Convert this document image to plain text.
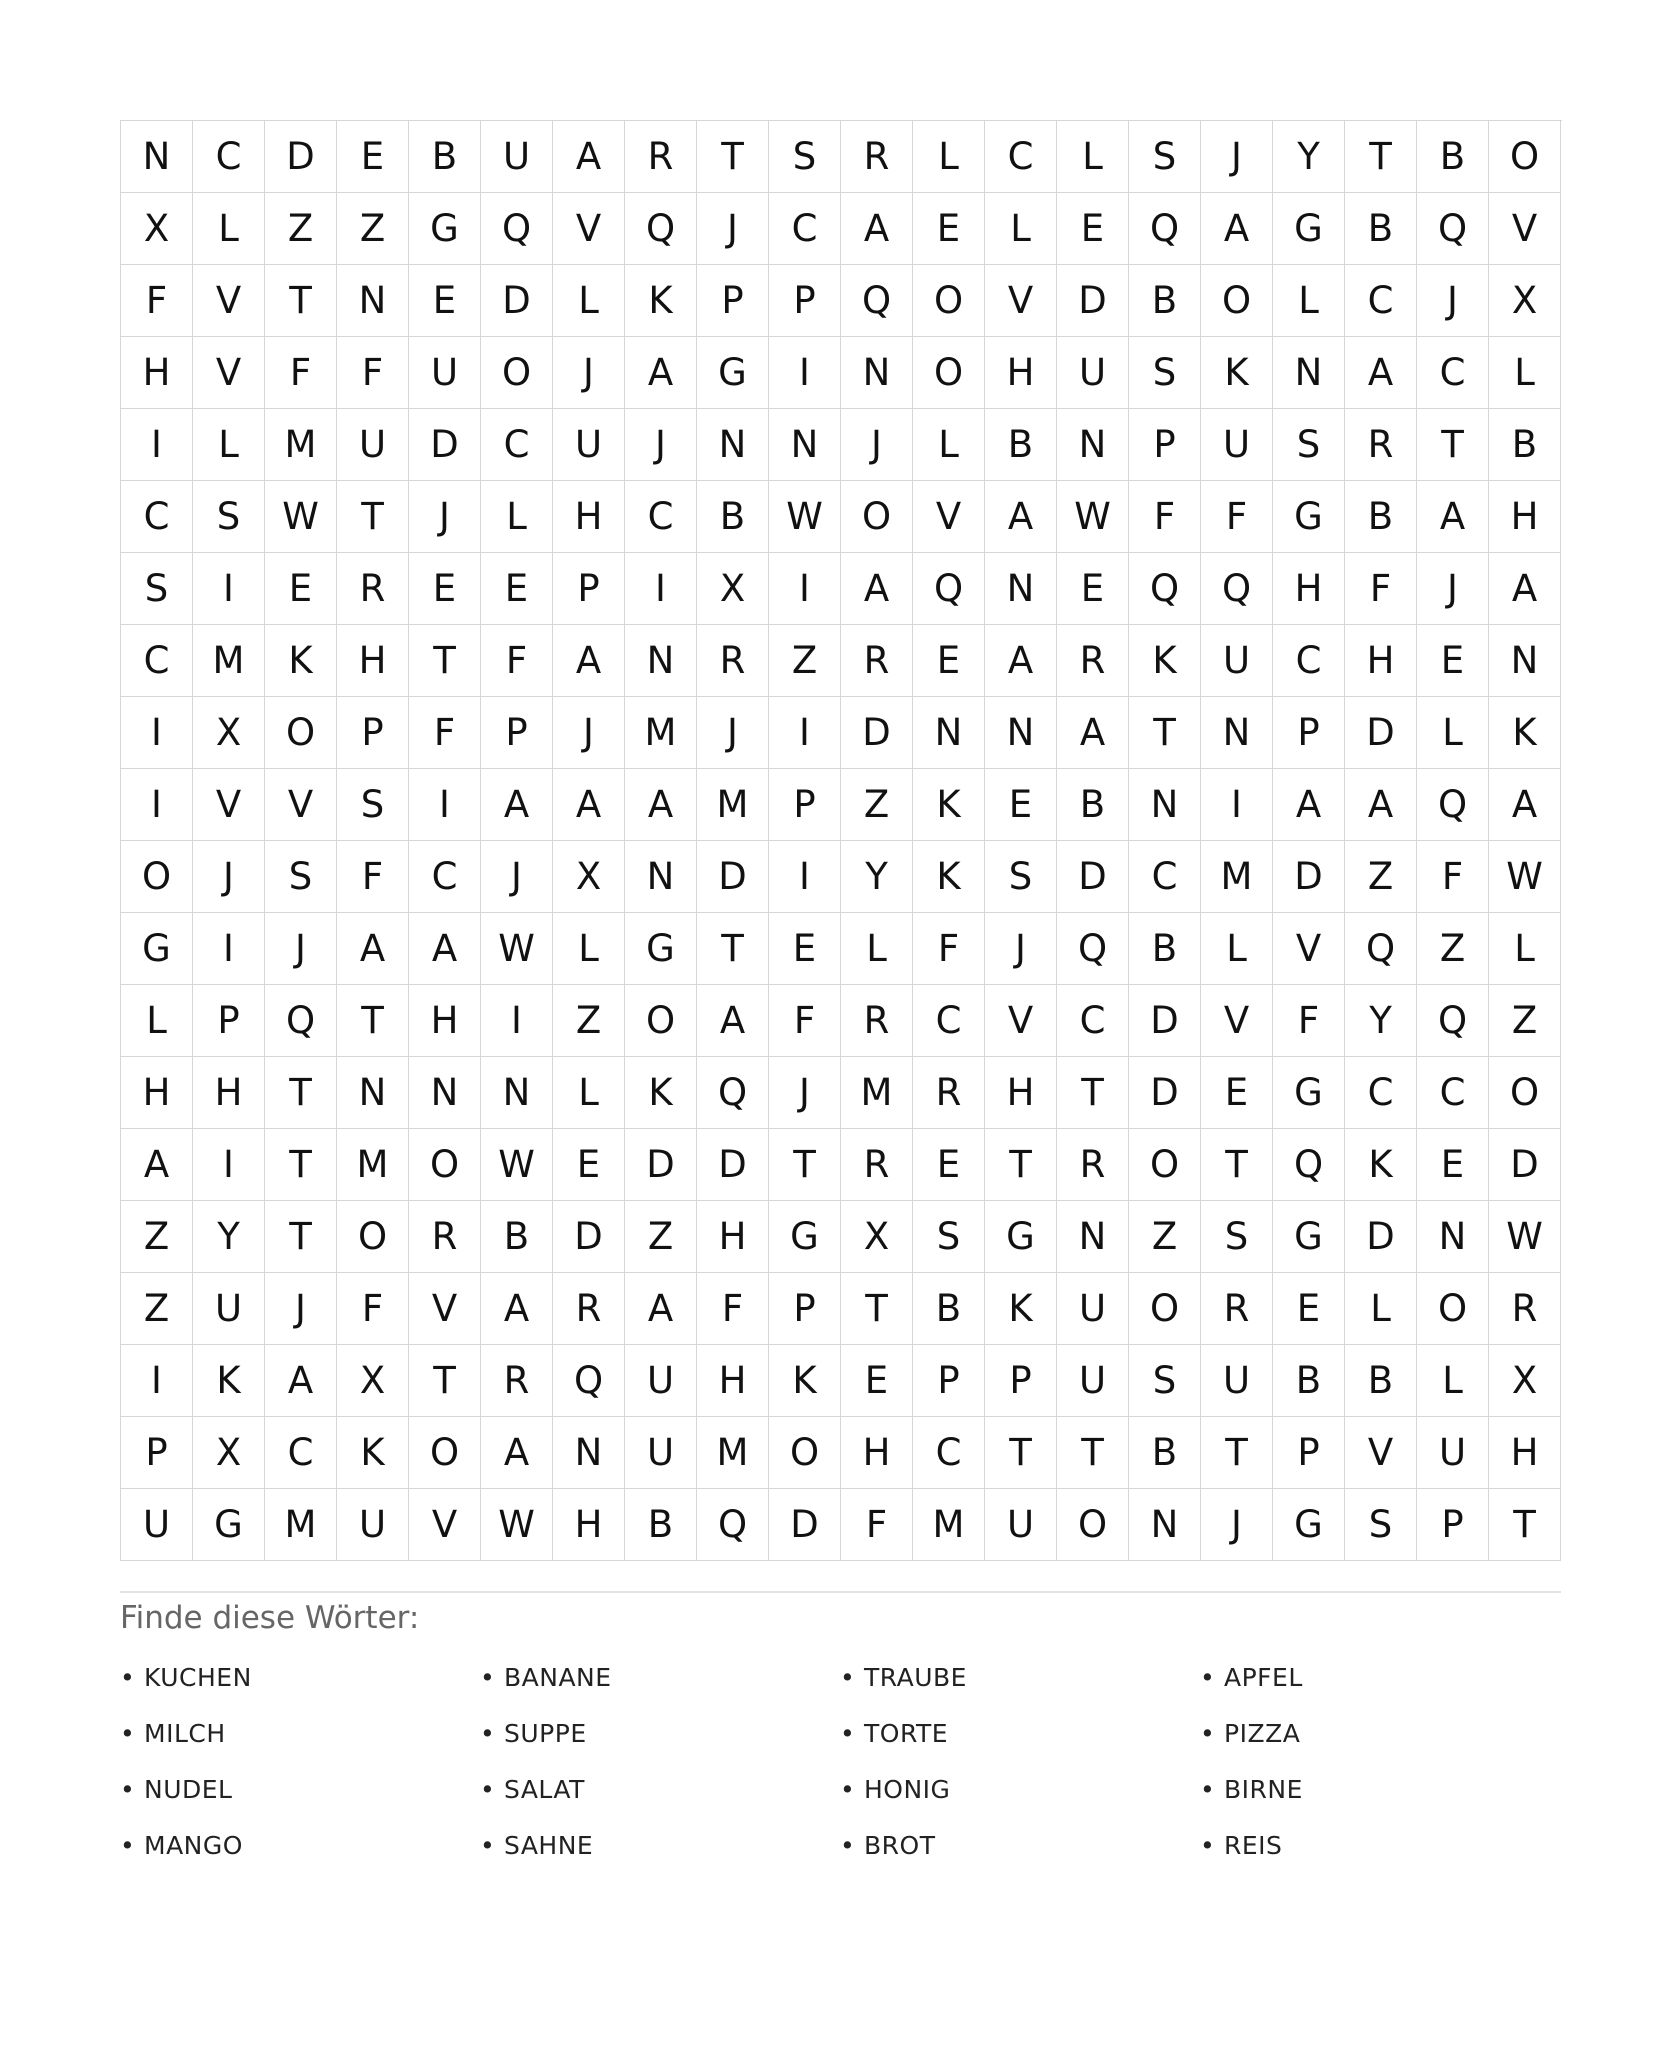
N	C	D	E	B	U	A	R	T	S	R	L	C	L	S	J	Y	T	B	O
X	L	Z	Z	G	Q	V	Q	J	C	A	E	L	E	Q	A	G	B	Q	V
F	V	T	N	E	D	L	K	P	P	Q	O	V	D	B	O	L	C	J	X
H	V	F	F	U	O	J	A	G	I	N	O	H	U	S	K	N	A	C	L
I	L	M	U	D	C	U	J	N	N	J	L	B	N	P	U	S	R	T	B
C	S	W	T	J	L	H	C	B	W	O	V	A	W	F	F	G	B	A	H
S	I	E	R	E	E	P	I	X	I	A	Q	N	E	Q	Q	H	F	J	A
C	M	K	H	T	F	A	N	R	Z	R	E	A	R	K	U	C	H	E	N
I	X	O	P	F	P	J	M	J	I	D	N	N	A	T	N	P	D	L	K
I	V	V	S	I	A	A	A	M	P	Z	K	E	B	N	I	A	A	Q	A
O	J	S	F	C	J	X	N	D	I	Y	K	S	D	C	M	D	Z	F	W
G	I	J	A	A	W	L	G	T	E	L	F	J	Q	B	L	V	Q	Z	L
L	P	Q	T	H	I	Z	O	A	F	R	C	V	C	D	V	F	Y	Q	Z
H	H	T	N	N	N	L	K	Q	J	M	R	H	T	D	E	G	C	C	O
A	I	T	M	O	W	E	D	D	T	R	E	T	R	O	T	Q	K	E	D
Z	Y	T	O	R	B	D	Z	H	G	X	S	G	N	Z	S	G	D	N	W
Z	U	J	F	V	A	R	A	F	P	T	B	K	U	O	R	E	L	O	R
I	K	A	X	T	R	Q	U	H	K	E	P	P	U	S	U	B	B	L	X
P	X	C	K	O	A	N	U	M	O	H	C	T	T	B	T	P	V	U	H
U	G	M	U	V	W	H	B	Q	D	F	M	U	O	N	J	G	S	P	T
Finde diese Wörter:
• KUCHEN	• BANANE	• TRAUBE	• APFEL
• MILCH	• SUPPE	• TORTE	• PIZZA
• NUDEL	• SALAT	• HONIG	• BIRNE
• MANGO	• SAHNE	• BROT	• REIS
